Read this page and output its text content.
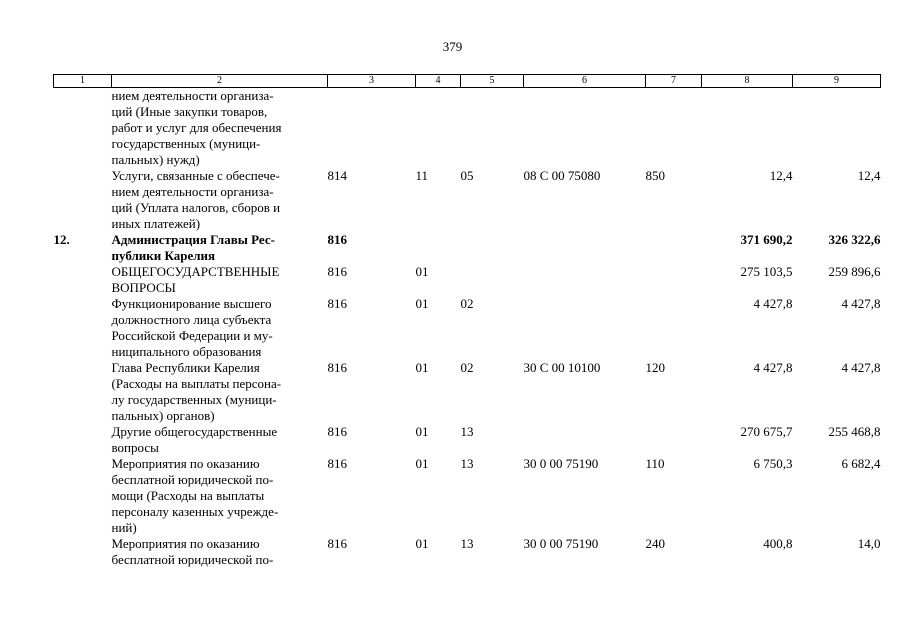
379
1	2	3	4	5	6	7	8	9
	нием деятельности организа-
ций (Иные закупки товаров,
работ и услуг для обеспечения
государственных (муници-
пальных) нужд)							
	Услуги, связанные с обеспече-
нием деятельности организа-
ций (Уплата налогов, сборов и
иных платежей)	814	11	05	08 С 00 75080	850	12,4	12,4
12.	Администрация Главы Рес-
публики Карелия	816					371 690,2	326 322,6
	ОБЩЕГОСУДАРСТВЕННЫЕ
ВОПРОСЫ	816	01				275 103,5	259 896,6
	Функционирование высшего
должностного лица субъекта
Российской Федерации и му-
ниципального образования	816	01	02			4 427,8	4 427,8
	Глава Республики Карелия
(Расходы на выплаты персона-
лу государственных (муници-
пальных) органов)	816	01	02	30 С 00 10100	120	4 427,8	4 427,8
	Другие общегосударственные
вопросы	816	01	13			270 675,7	255 468,8
	Мероприятия по оказанию
бесплатной юридической по-
мощи (Расходы на выплаты
персоналу казенных учрежде-
ний)	816	01	13	30 0 00 75190	110	6 750,3	6 682,4
	Мероприятия по оказанию
бесплатной юридической по-	816	01	13	30 0 00 75190	240	400,8	14,0
